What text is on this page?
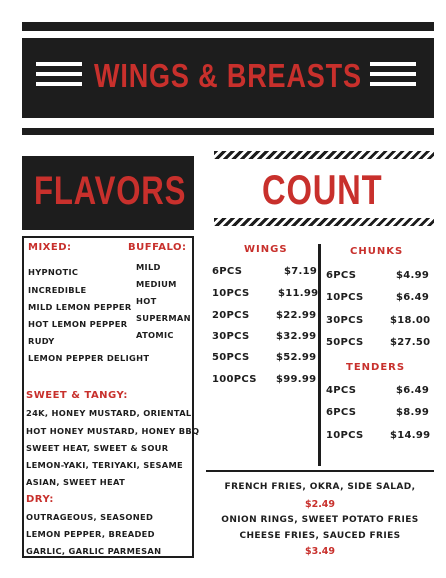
WINGS & BREASTS
FLAVORS COUNT
MIXED:	BUFFALO:
HYPNOTIC
INCREDIBLE
MILD LEMON PEPPER
HOT LEMON PEPPER
RUDY
LEMON PEPPER DELIGHT
MILD
MEDIUM
HOT
SUPERMAN
ATOMIC
SWEET & TANGY:
24K, HONEY MUSTARD, ORIENTAL
HOT HONEY MUSTARD, HONEY BBQ
SWEET HEAT, SWEET & SOUR
LEMON-YAKI, TERIYAKI, SESAME
ASIAN, SWEET HEAT
DRY:
OUTRAGEOUS, SEASONED
LEMON PEPPER, BREADED
GARLIC, GARLIC PARMESAN
WINGS
6PCS	$7.19
10PCS	$11.99
20PCS	$22.99
30PCS	$32.99
50PCS	$52.99
100PCS $99.99
CHUNKS
6PCS	$4.99
10PCS	$6.49
30PCS	$18.00
50PCS	$27.50
TENDERS
4PCS	$6.49
6PCS	$8.99
10PCS	$14.99
FRENCH FRIES, OKRA, SIDE SALAD,
$2.49
ONION RINGS, SWEET POTATO FRIES
CHEESE FRIES, SAUCED FRIES
$3.49
